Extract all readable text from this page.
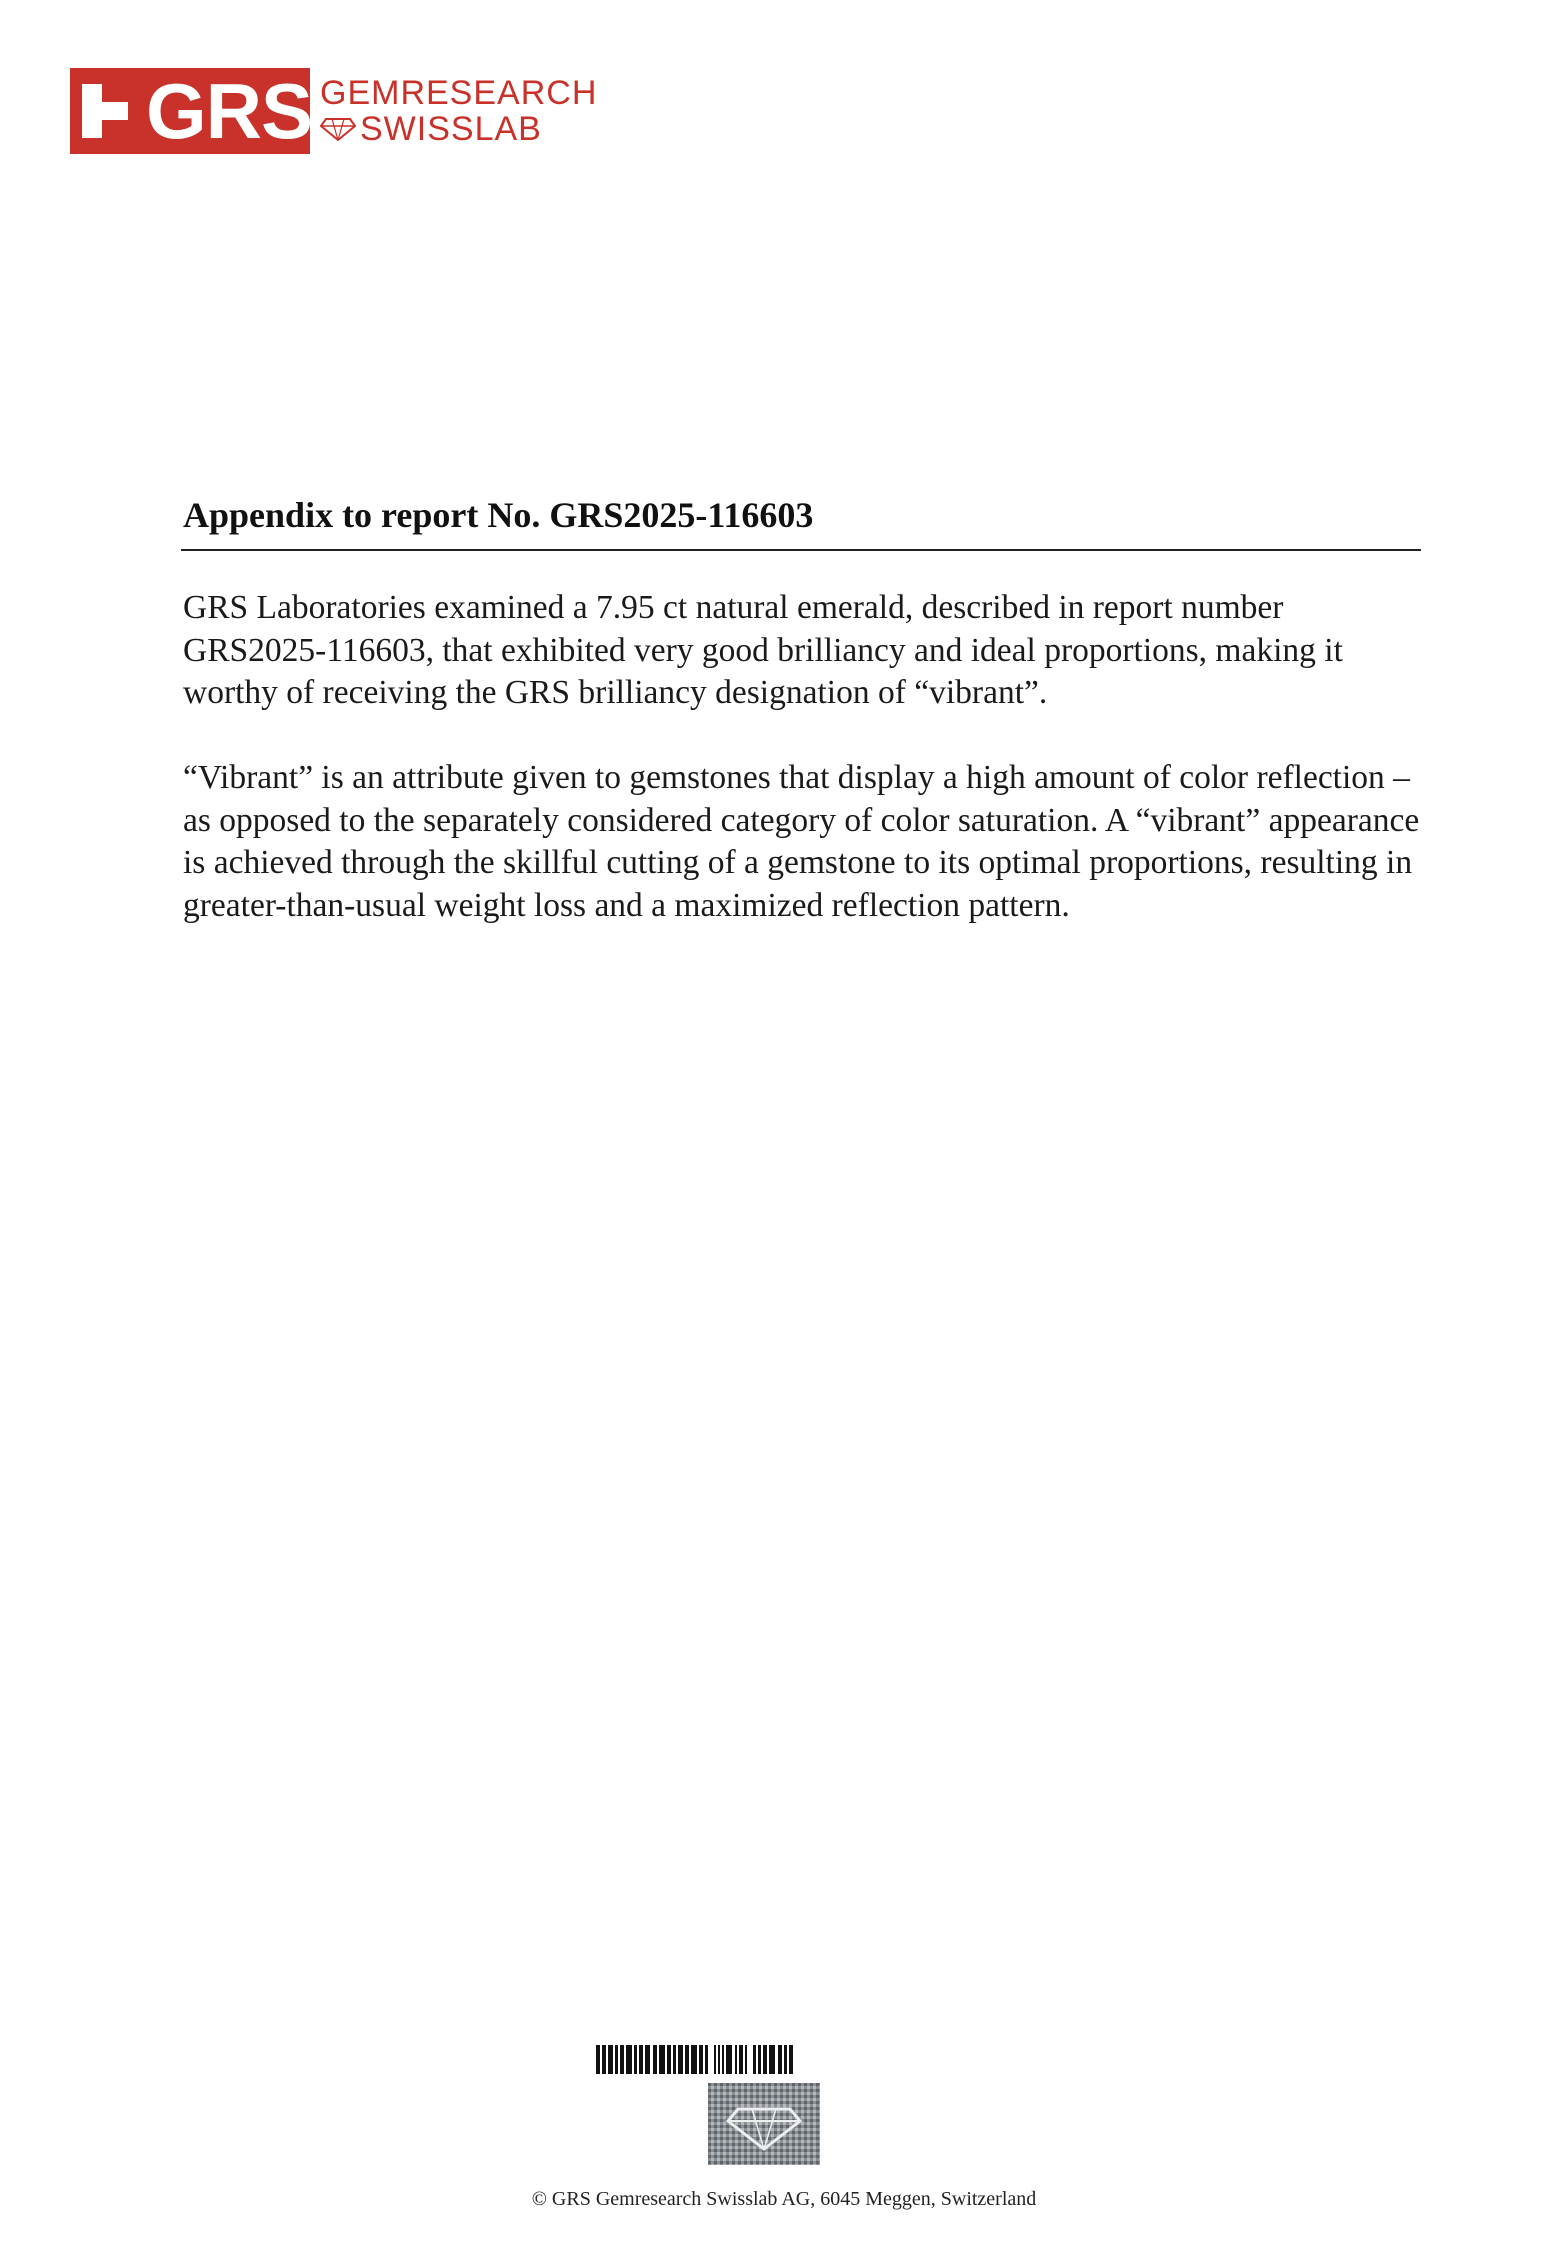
GRS GEMRESEARCH
SWISSLAB
Appendix to report No. GRS2025-116603
GRS Laboratories examined a 7.95 ct natural emerald, described in report number GRS2025-116603, that exhibited very good brilliancy and ideal proportions, making it worthy of receiving the GRS brilliancy designation of “vibrant”.
“Vibrant” is an attribute given to gemstones that display a high amount of color reflection – as opposed to the separately considered category of color saturation. A “vibrant” appearance is achieved through the skillful cutting of a gemstone to its optimal proportions, resulting in greater-than-usual weight loss and a maximized reflection pattern.
© GRS Gemresearch Swisslab AG, 6045 Meggen, Switzerland
